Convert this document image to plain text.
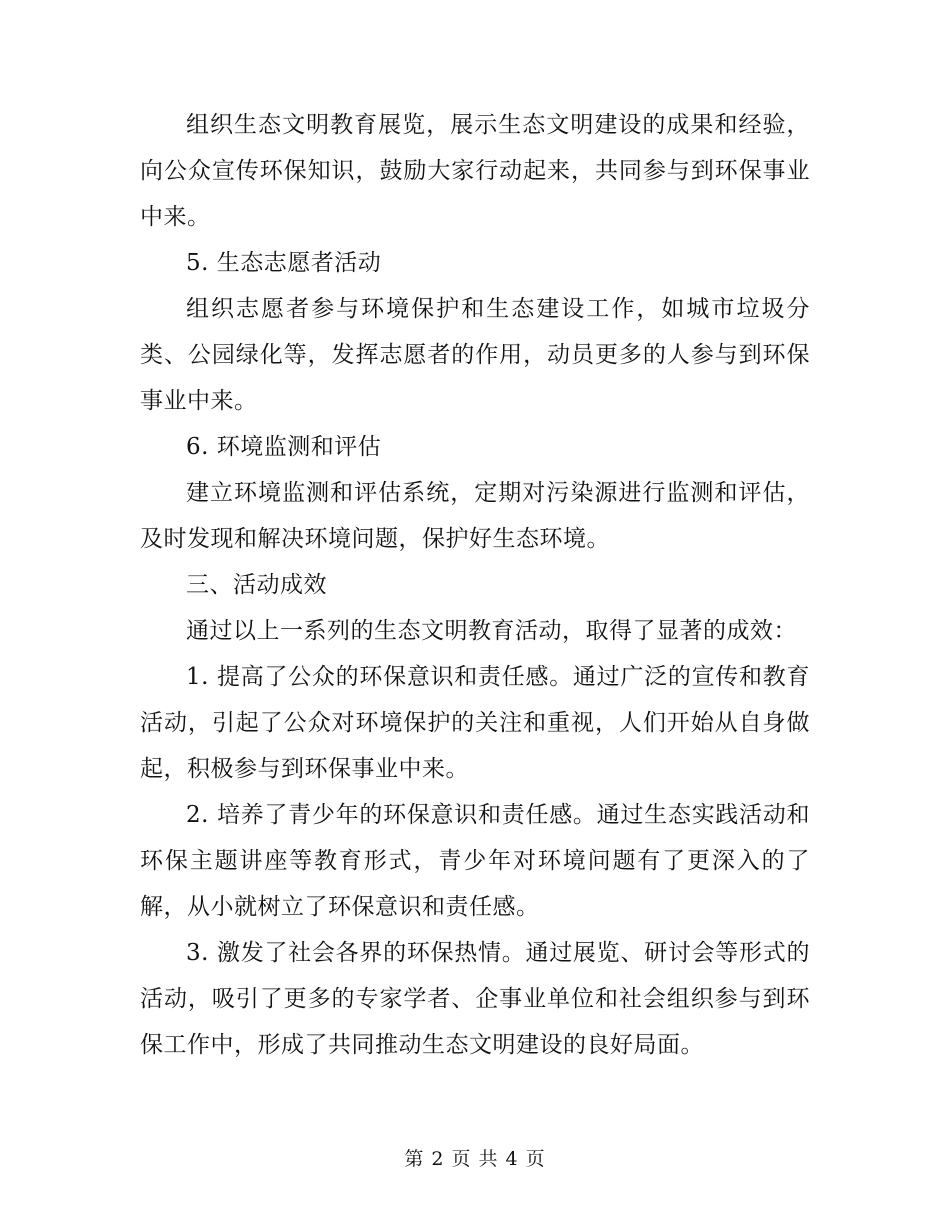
组织生态文明教育展览，展示生态文明建设的成果和经验，向公众宣传环保知识，鼓励大家行动起来，共同参与到环保事业中来。

5. 生态志愿者活动

组织志愿者参与环境保护和生态建设工作，如城市垃圾分类、公园绿化等，发挥志愿者的作用，动员更多的人参与到环保事业中来。

6. 环境监测和评估

建立环境监测和评估系统，定期对污染源进行监测和评估，及时发现和解决环境问题，保护好生态环境。

三、活动成效

通过以上一系列的生态文明教育活动，取得了显著的成效：

1. 提高了公众的环保意识和责任感。通过广泛的宣传和教育活动，引起了公众对环境保护的关注和重视，人们开始从自身做起，积极参与到环保事业中来。

2. 培养了青少年的环保意识和责任感。通过生态实践活动和环保主题讲座等教育形式，青少年对环境问题有了更深入的了解，从小就树立了环保意识和责任感。

3. 激发了社会各界的环保热情。通过展览、研讨会等形式的活动，吸引了更多的专家学者、企事业单位和社会组织参与到环保工作中，形成了共同推动生态文明建设的良好局面。

第 2 页 共 4 页
